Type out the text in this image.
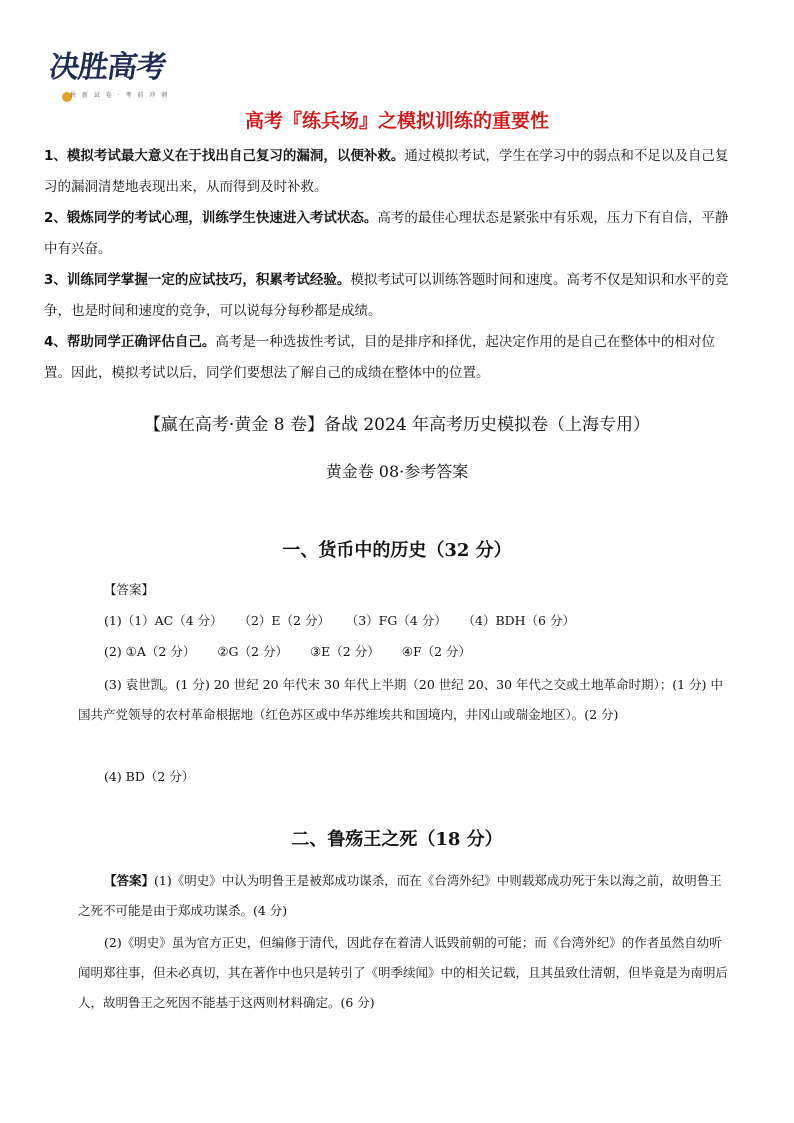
决胜高考
秋 新 试 卷 · 考 前 冲 刺
高考『练兵场』之模拟训练的重要性
1、模拟考试最大意义在于找出自己复习的漏洞，以便补救。通过模拟考试，学生在学习中的弱点和不足以及自己复习的漏洞清楚地表现出来，从而得到及时补救。
2、锻炼同学的考试心理，训练学生快速进入考试状态。高考的最佳心理状态是紧张中有乐观，压力下有自信，平静中有兴奋。
3、训练同学掌握一定的应试技巧，积累考试经验。模拟考试可以训练答题时间和速度。高考不仅是知识和水平的竞争，也是时间和速度的竞争，可以说每分每秒都是成绩。
4、帮助同学正确评估自己。高考是一种选拔性考试，目的是排序和择优，起决定作用的是自己在整体中的相对位置。因此，模拟考试以后，同学们要想法了解自己的成绩在整体中的位置。
【赢在高考·黄金 8 卷】备战 2024 年高考历史模拟卷（上海专用）
黄金卷 08·参考答案
一、货币中的历史（32 分）
【答案】
(1)（1）AC（4 分） （2）E（2 分） （3）FG（4 分） （4）BDH（6 分）
(2) ①A（2 分） ②G（2 分） ③E（2 分） ④F（2 分）
(3) 袁世凯。(1 分) 20 世纪 20 年代末 30 年代上半期（20 世纪 20、30 年代之交或土地革命时期）；(1 分) 中国共产党领导的农村革命根据地（红色苏区或中华苏维埃共和国境内，井冈山或瑞金地区）。(2 分)
(4) BD（2 分）
二、鲁殇王之死（18 分）
【答案】(1)《明史》中认为明鲁王是被郑成功谋杀，而在《台湾外纪》中则载郑成功死于朱以海之前，故明鲁王之死不可能是由于郑成功谋杀。(4 分)
(2)《明史》虽为官方正史，但编修于清代，因此存在着清人诋毁前朝的可能；而《台湾外纪》的作者虽然自幼听闻明郑往事，但未必真切，其在著作中也只是转引了《明季续闻》中的相关记载，且其虽致仕清朝，但毕竟是为南明后人，故明鲁王之死因不能基于这两则材料确定。(6 分)
